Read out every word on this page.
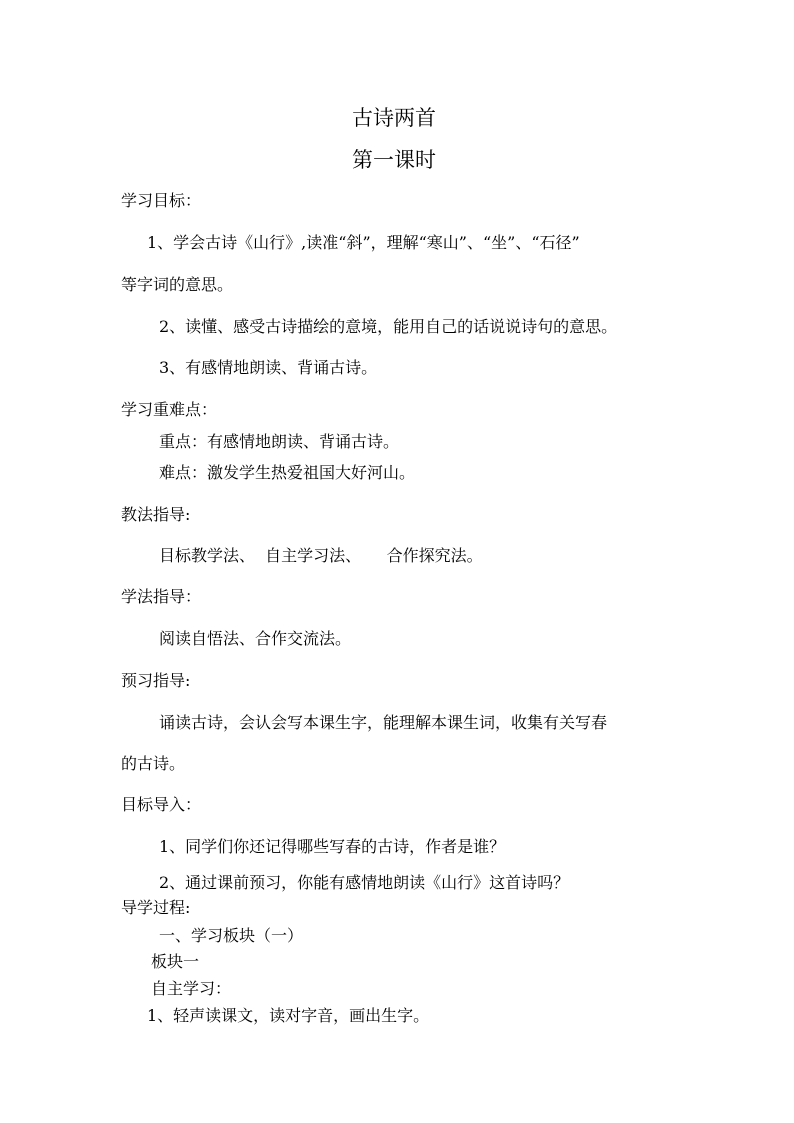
古诗两首
第一课时
学习目标：
1、学会古诗《山行》,读准“斜”，理解“寒山”、“坐”、“石径”
等字词的意思。
2、读懂、感受古诗描绘的意境，能用自己的话说说诗句的意思。
3、有感情地朗读、背诵古诗。
学习重难点：
重点：有感情地朗读、背诵古诗。
难点：激发学生热爱祖国大好河山。
教法指导:
目标教学法、  自主学习法、     合作探究法。
学法指导：
阅读自悟法、合作交流法。
预习指导:
诵读古诗，会认会写本课生字，能理解本课生词，收集有关写春
的古诗。
目标导入：
1、同学们你还记得哪些写春的古诗，作者是谁？
2、通过课前预习，你能有感情地朗读《山行》这首诗吗？
导学过程:
一、学习板块（一）
板块一
自主学习：
1、轻声读课文，读对字音，画出生字。
